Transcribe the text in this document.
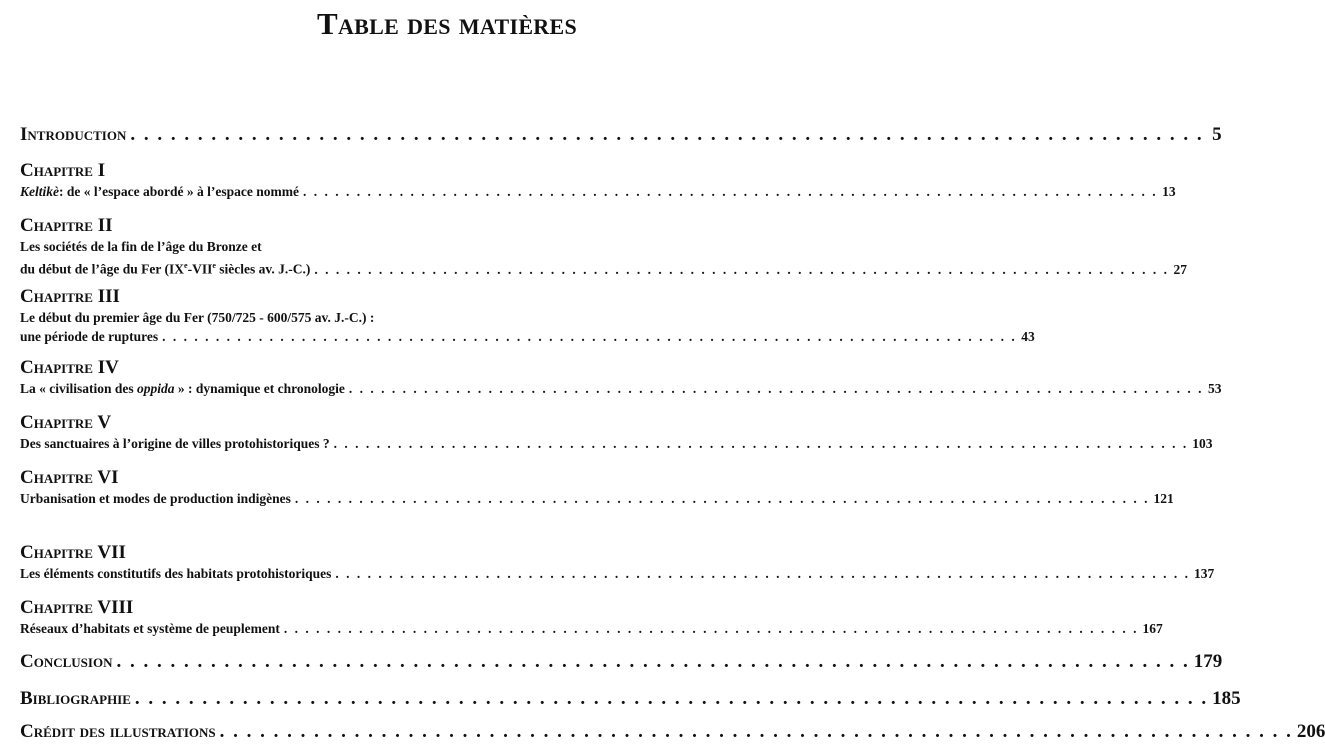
Table des matières
Introduction . . . . . . . . . . . . . . . . . . . . . . . . . . . . . . . . . . . . . . . . . . . . . . . . . . . . . . . . . . . . . . . . . . . . . . . . . . . . . . . . 5
Chapitre I
Keltikè: de « l’espace abordé » à l’espace nommé . . . . . . . . . . . . . . . . . . . . . . . . . . . . . . . . . . . . . . . . . . . . . . . . . . . . . . . . . . . . . . . . . . . . . . . . . . . . . . . . 13
Chapitre II
Les sociétés de la fin de l’âge du Bronze et
du début de l’âge du Fer (IXe-VIIe siècles av. J.-C.) . . . . . . . . . . . . . . . . . . . . . . . . . . . . . . . . . . . . . . . . . . . . . . . . . . . . . . . . . . . . . . . . . . . . . . . . . . . . . . . . 27
Chapitre III
Le début du premier âge du Fer (750/725 - 600/575 av. J.-C.) :
une période de ruptures . . . . . . . . . . . . . . . . . . . . . . . . . . . . . . . . . . . . . . . . . . . . . . . . . . . . . . . . . . . . . . . . . . . . . . . . . . . . . . . . 43
Chapitre IV
La « civilisation des oppida » : dynamique et chronologie . . . . . . . . . . . . . . . . . . . . . . . . . . . . . . . . . . . . . . . . . . . . . . . . . . . . . . . . . . . . . . . . . . . . . . . . . . . . . . . . 53
Chapitre V
Des sanctuaires à l’origine de villes protohistoriques ? . . . . . . . . . . . . . . . . . . . . . . . . . . . . . . . . . . . . . . . . . . . . . . . . . . . . . . . . . . . . . . . . . . . . . . . . . . . . . . . . 103
Chapitre VI
Urbanisation et modes de production indigènes . . . . . . . . . . . . . . . . . . . . . . . . . . . . . . . . . . . . . . . . . . . . . . . . . . . . . . . . . . . . . . . . . . . . . . . . . . . . . . . . 121
Chapitre VII
Les éléments constitutifs des habitats protohistoriques . . . . . . . . . . . . . . . . . . . . . . . . . . . . . . . . . . . . . . . . . . . . . . . . . . . . . . . . . . . . . . . . . . . . . . . . . . . . . . . . 137
Chapitre VIII
Réseaux d’habitats et système de peuplement . . . . . . . . . . . . . . . . . . . . . . . . . . . . . . . . . . . . . . . . . . . . . . . . . . . . . . . . . . . . . . . . . . . . . . . . . . . . . . . . 167
Conclusion . . . . . . . . . . . . . . . . . . . . . . . . . . . . . . . . . . . . . . . . . . . . . . . . . . . . . . . . . . . . . . . . . . . . . . . . . . . . . . . . 179
Bibliographie . . . . . . . . . . . . . . . . . . . . . . . . . . . . . . . . . . . . . . . . . . . . . . . . . . . . . . . . . . . . . . . . . . . . . . . . . . . . . . . . 185
Crédit des illustrations . . . . . . . . . . . . . . . . . . . . . . . . . . . . . . . . . . . . . . . . . . . . . . . . . . . . . . . . . . . . . . . . . . . . . . . . . . . . . . . . 206
